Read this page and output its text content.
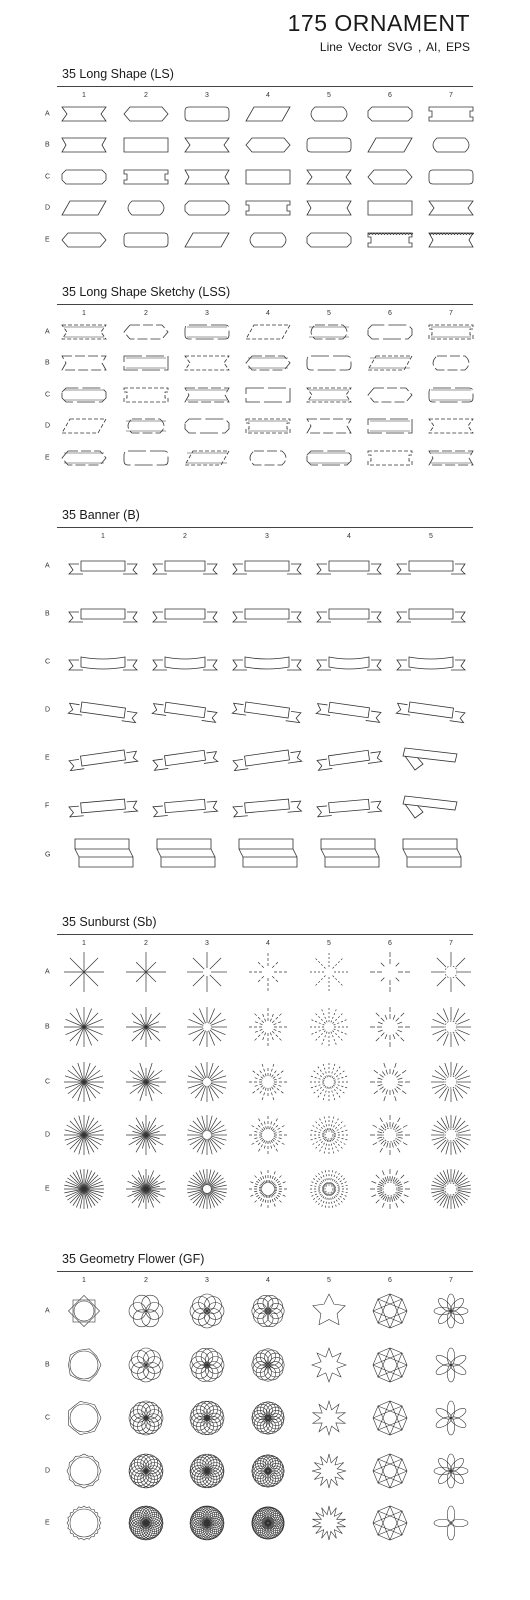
175 ORNAMENT
Line Vector SVG , AI, EPS
35 Long Shape (LS)
1	2	3	4	5	6	7
A
B
C
D
E
35 Long Shape Sketchy (LSS)
1	2	3	4	5	6	7
A
B
C
D
E
35 Banner (B)
1	2	3	4	5
A
B
C
D
E
F
G
35 Sunburst (Sb)
1	2	3	4	5	6	7
A
B
C
D
E
35 Geometry Flower (GF)
1	2	3	4	5	6	7
A
B
C
D
E
